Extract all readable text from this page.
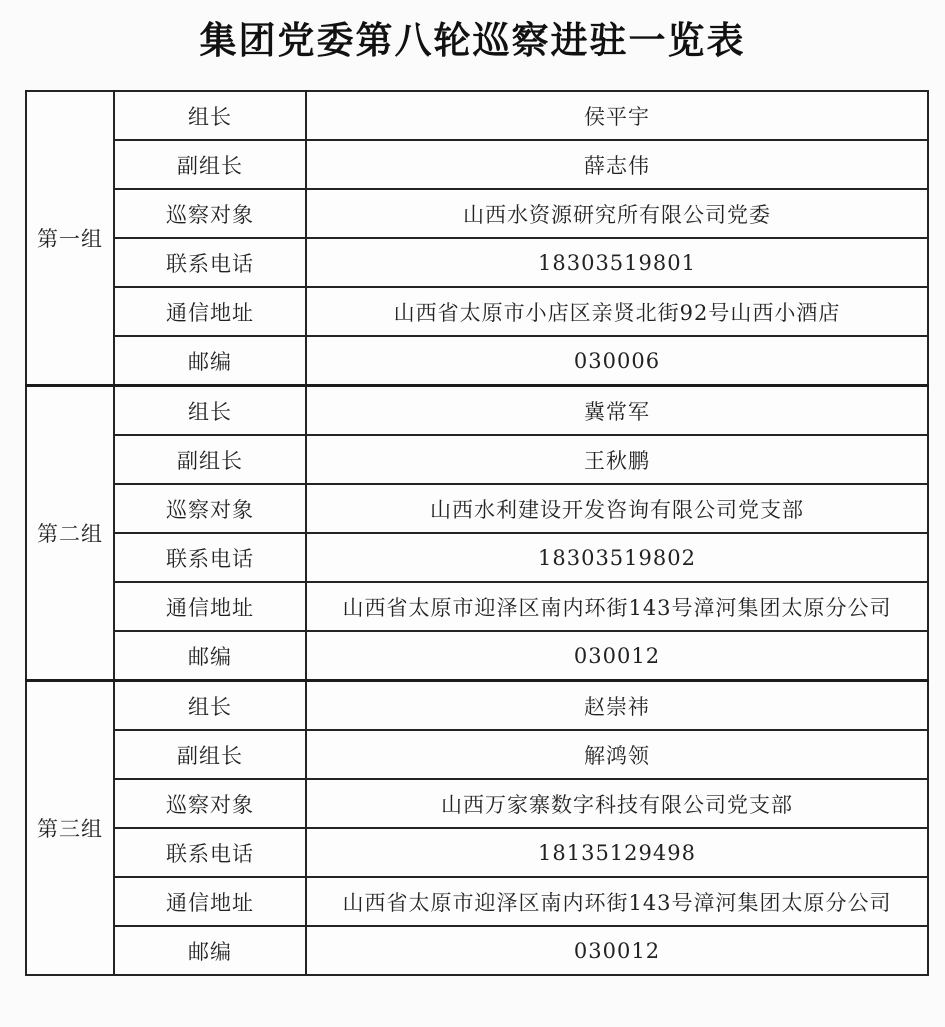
集团党委第八轮巡察进驻一览表
第一组	组长	侯平宇
	副组长	薛志伟
	巡察对象	山西水资源研究所有限公司党委
	联系电话	18303519801
	通信地址	山西省太原市小店区亲贤北街92号山西小酒店
	邮编	030006
第二组	组长	冀常军
	副组长	王秋鹏
	巡察对象	山西水利建设开发咨询有限公司党支部
	联系电话	18303519802
	通信地址	山西省太原市迎泽区南内环街143号漳河集团太原分公司
	邮编	030012
第三组	组长	赵崇祎
	副组长	解鸿领
	巡察对象	山西万家寨数字科技有限公司党支部
	联系电话	18135129498
	通信地址	山西省太原市迎泽区南内环街143号漳河集团太原分公司
	邮编	030012
